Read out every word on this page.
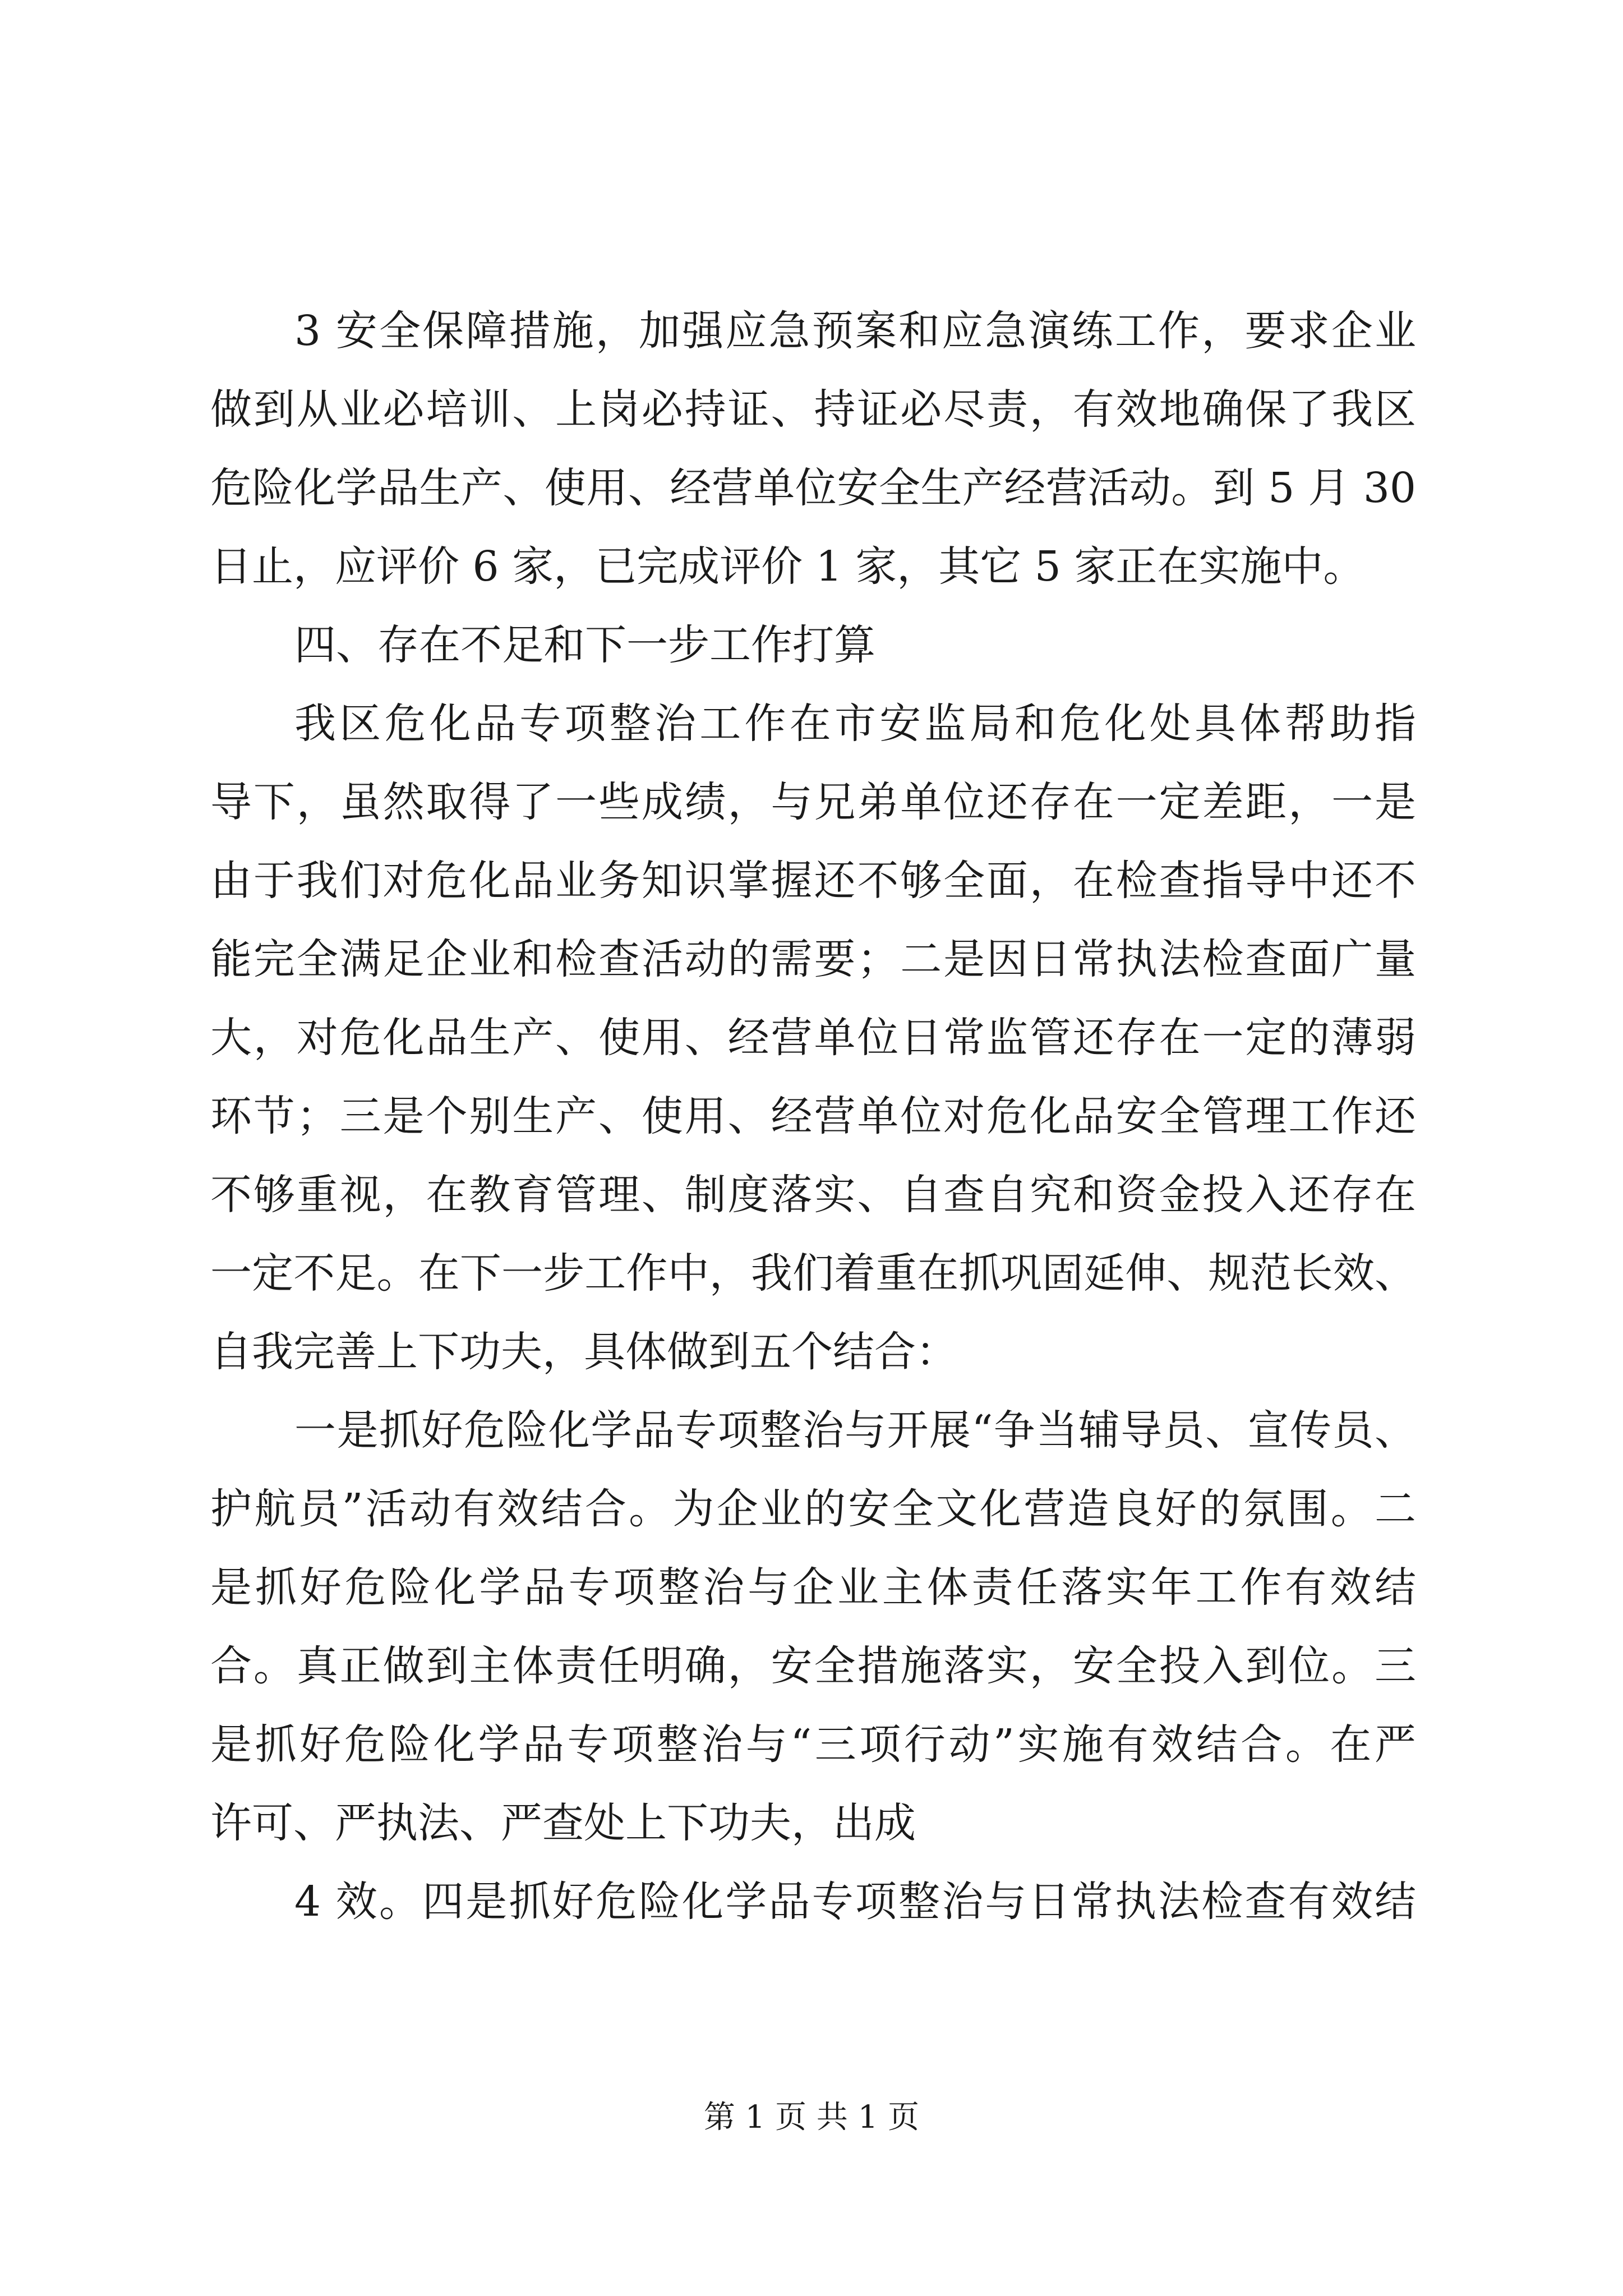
3 安全保障措施，加强应急预案和应急演练工作，要求企业
做到从业必培训、上岗必持证、持证必尽责，有效地确保了我区
危险化学品生产、使用、经营单位安全生产经营活动。到 5 月 30
日止，应评价 6 家，已完成评价 1 家，其它 5 家正在实施中。
四、存在不足和下一步工作打算
我区危化品专项整治工作在市安监局和危化处具体帮助指
导下，虽然取得了一些成绩，与兄弟单位还存在一定差距，一是
由于我们对危化品业务知识掌握还不够全面，在检查指导中还不
能完全满足企业和检查活动的需要；二是因日常执法检查面广量
大，对危化品生产、使用、经营单位日常监管还存在一定的薄弱
环节；三是个别生产、使用、经营单位对危化品安全管理工作还
不够重视，在教育管理、制度落实、自查自究和资金投入还存在
一定不足。在下一步工作中，我们着重在抓巩固延伸、规范长效、
自我完善上下功夫，具体做到五个结合：
一是抓好危险化学品专项整治与开展“争当辅导员、宣传员、
护航员”活动有效结合。为企业的安全文化营造良好的氛围。二
是抓好危险化学品专项整治与企业主体责任落实年工作有效结
合。真正做到主体责任明确，安全措施落实，安全投入到位。三
是抓好危险化学品专项整治与“三项行动”实施有效结合。在严
许可、严执法、严查处上下功夫，出成
4 效。四是抓好危险化学品专项整治与日常执法检查有效结
第 1 页 共 1 页
